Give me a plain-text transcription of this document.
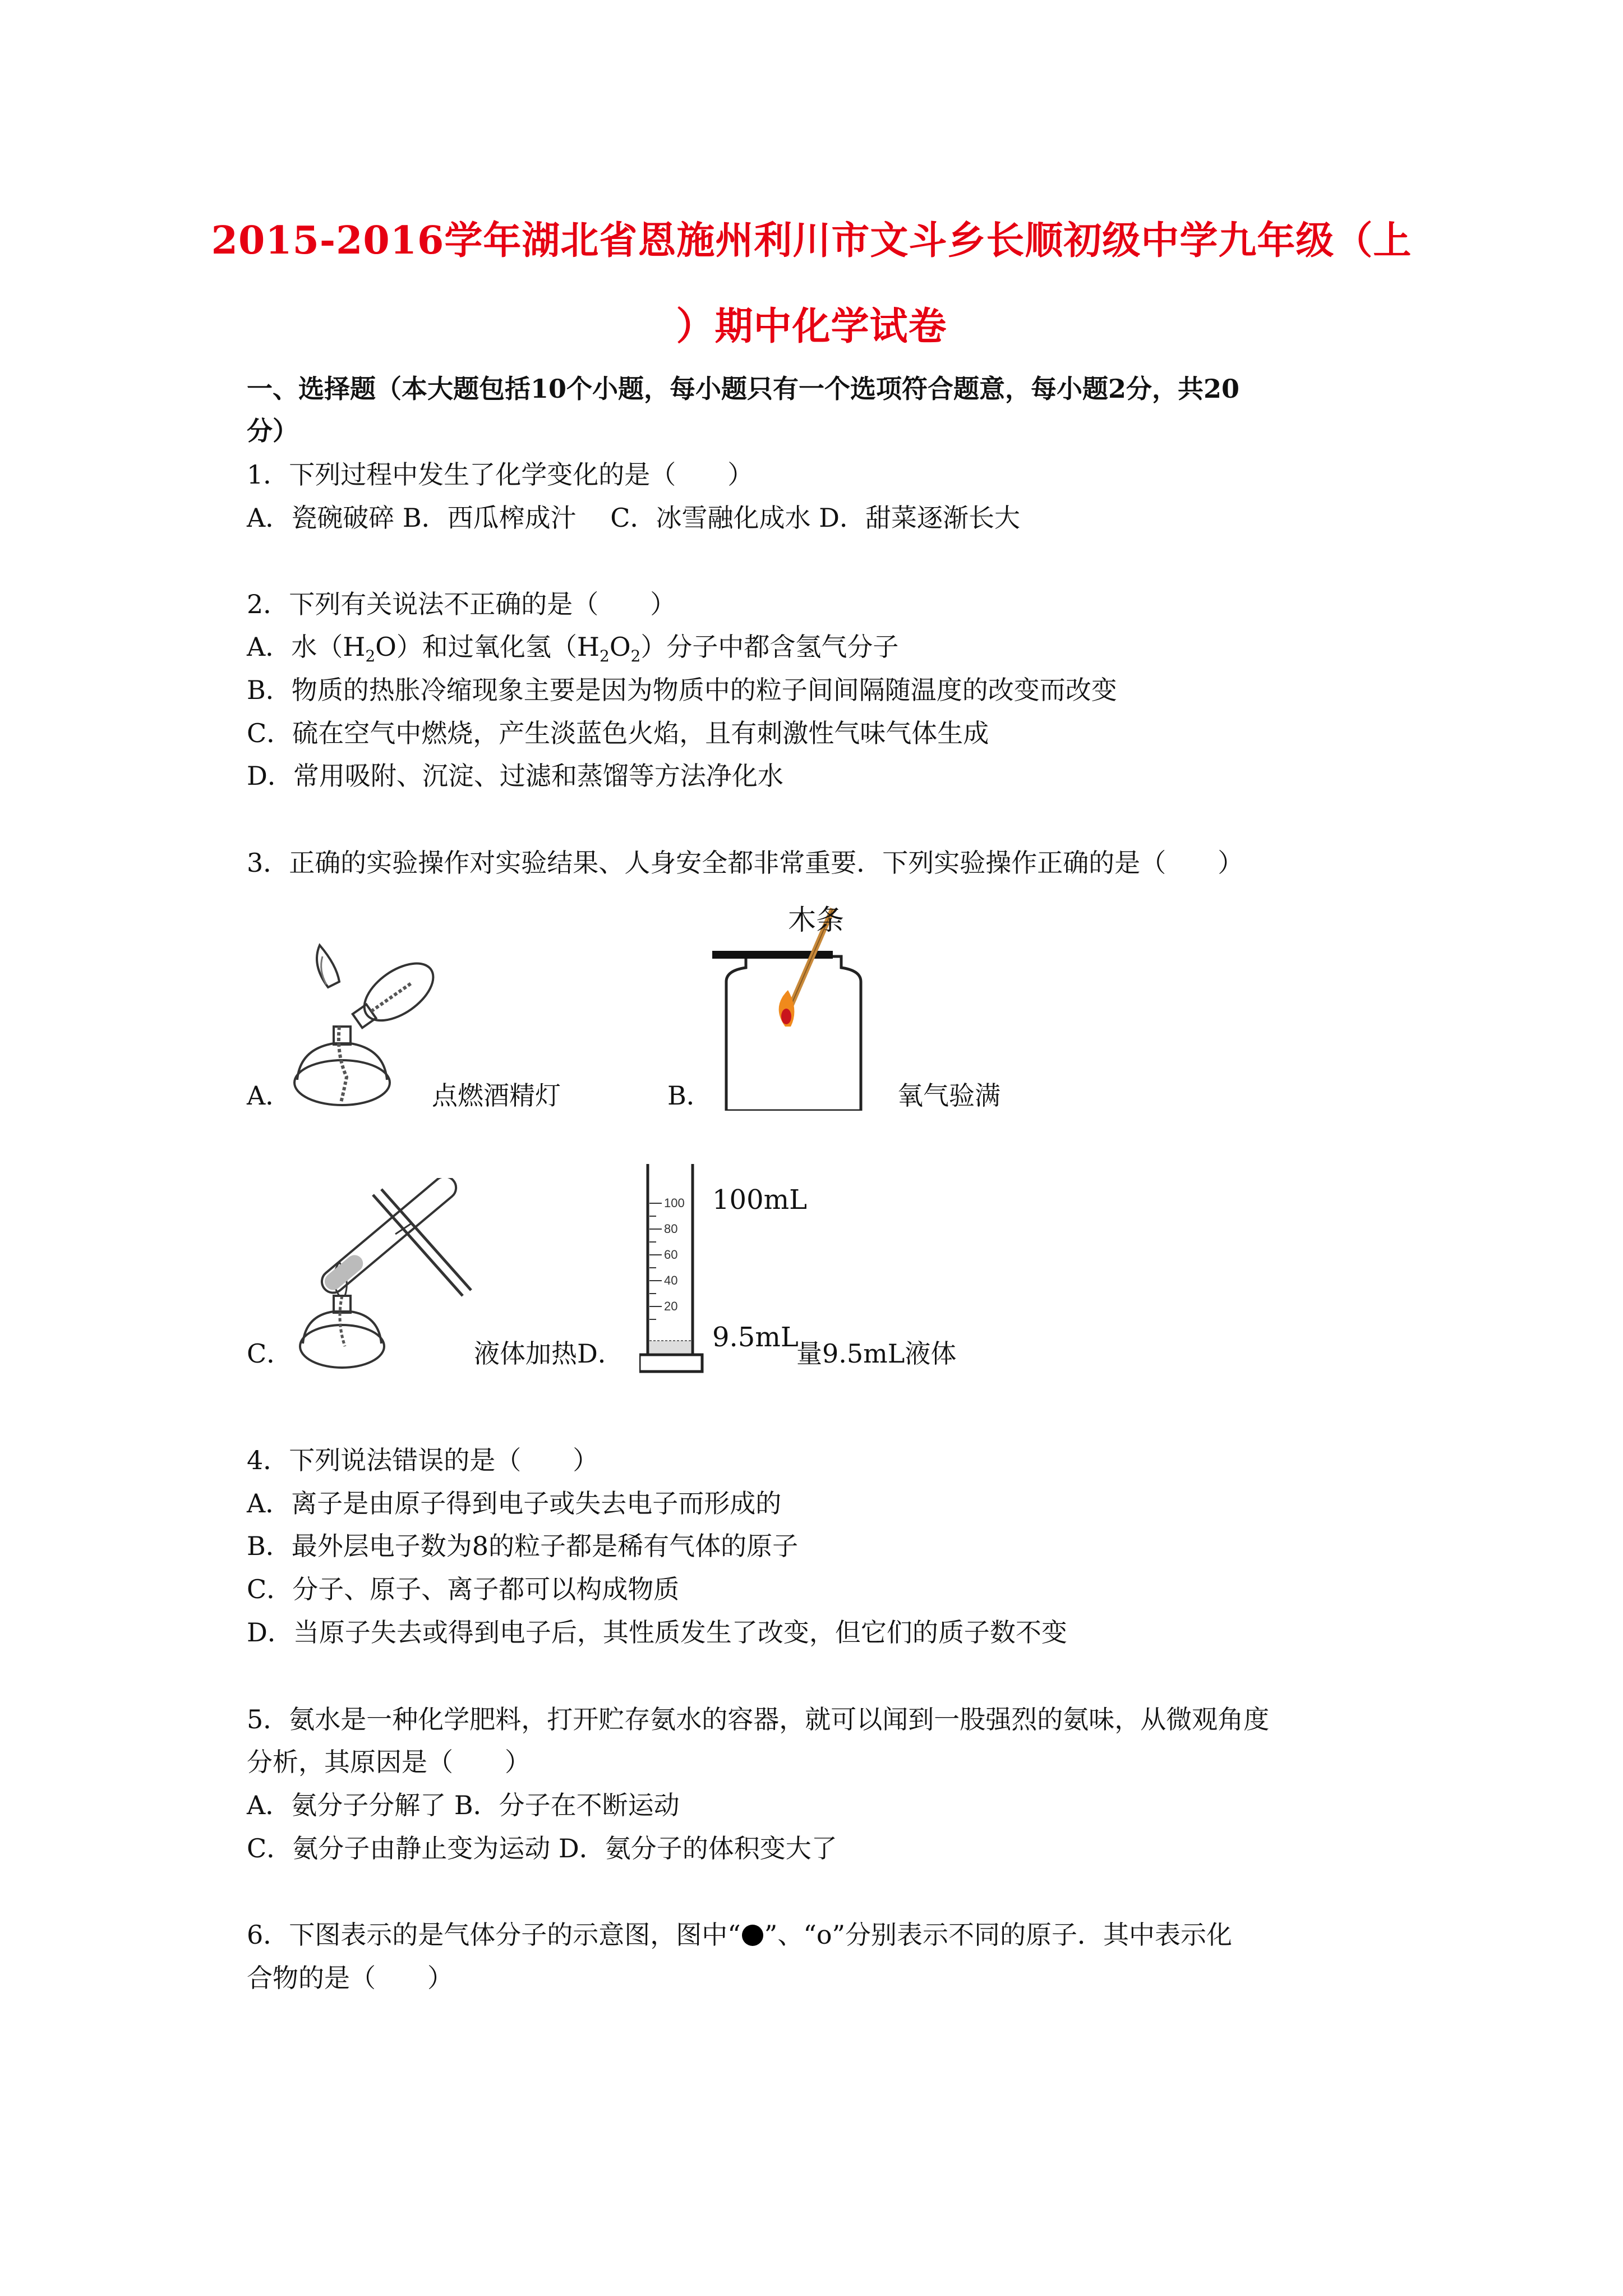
2015-2016学年湖北省恩施州利川市文斗乡长顺初级中学九年级（上
）期中化学试卷
一、选择题（本大题包括10个小题，每小题只有一个选项符合题意，每小题2分，共20
分）
1．下列过程中发生了化学变化的是（　　）
A．瓷碗破碎 B．西瓜榨成汁　 C．冰雪融化成水 D．甜菜逐渐长大
2．下列有关说法不正确的是（　　）
A．水$(H_2O)$和过氧化氢$(H_2O_2)$分子中都含氢气分子
B．物质的热胀冷缩现象主要是因为物质中的粒子间间隔随温度的改变而改变
C．硫在空气中燃烧，产生淡蓝色火焰，且有刺激性气味气体生成
D．常用吸附、沉淀、过滤和蒸馏等方法净化水
3．正确的实验操作对实验结果、人身安全都非常重要．下列实验操作正确的是（　　）
A．	点燃酒精灯
木条
B．	氧气验满
C．	液体加热D．
100
80
60
40
20
100mL
9.5mL
量9.5mL液体
4．下列说法错误的是（　　）
A．离子是由原子得到电子或失去电子而形成的
B．最外层电子数为8的粒子都是稀有气体的原子
C．分子、原子、离子都可以构成物质
D．当原子失去或得到电子后，其性质发生了改变，但它们的质子数不变
5．氨水是一种化学肥料，打开贮存氨水的容器，就可以闻到一股强烈的氨味，从微观角度
分析，其原因是（　　）
A．氨分子分解了 B．分子在不断运动
C．氨分子由静止变为运动 D．氨分子的体积变大了
6．下图表示的是气体分子的示意图，图中“ ”、“o”分别表示不同的原子．其中表示化
合物的是（　　）
